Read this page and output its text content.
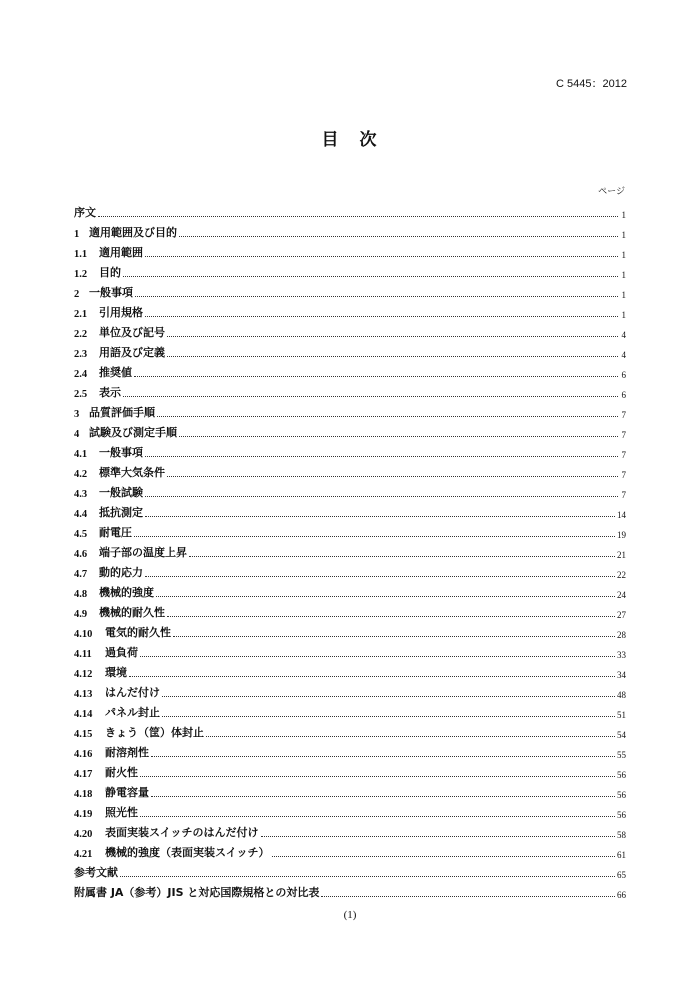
C 5445：2012
目　次
ページ
序文	1
1 適用範囲及び目的	1
1.1	適用範囲	1
1.2	目的	1
2 一般事項	1
2.1	引用規格	1
2.2	単位及び記号	4
2.3	用語及び定義	4
2.4	推奨値	6
2.5	表示	6
3 品質評価手順	7
4 試験及び測定手順	7
4.1	一般事項	7
4.2	標準大気条件	7
4.3	一般試験	7
4.4	抵抗測定	14
4.5	耐電圧	19
4.6	端子部の温度上昇	21
4.7	動的応力	22
4.8	機械的強度	24
4.9	機械的耐久性	27
4.10	電気的耐久性	28
4.11	過負荷	33
4.12	環境	34
4.13	はんだ付け	48
4.14	パネル封止	51
4.15	きょう（筐）体封止	54
4.16	耐溶剤性	55
4.17	耐火性	56
4.18	静電容量	56
4.19	照光性	56
4.20	表面実装スイッチのはんだ付け	58
4.21	機械的強度（表面実装スイッチ）	61
参考文献	65
附属書 JA（参考）JIS と対応国際規格との対比表	66
(1)
